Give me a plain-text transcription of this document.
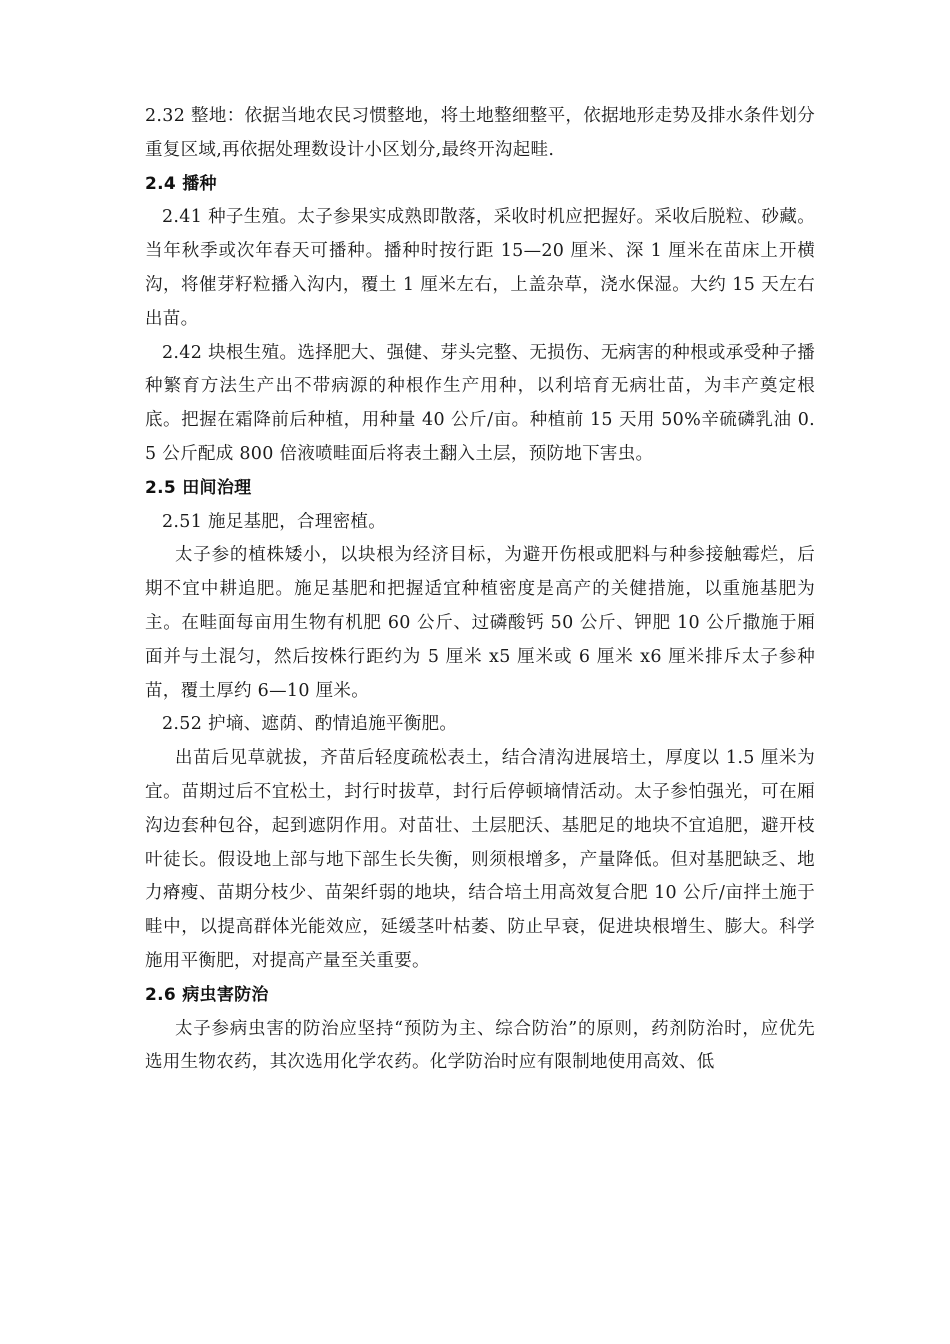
2.32 整地：依据当地农民习惯整地，将土地整细整平，依据地形走势及排水条件划分重复区域,再依据处理数设计小区划分,最终开沟起畦.

2.4 播种

2.41 种子生殖。太子参果实成熟即散落，采收时机应把握好。采收后脱粒、砂藏。当年秋季或次年春天可播种。播种时按行距 15—20 厘米、深 1 厘米在苗床上开横沟，将催芽籽粒播入沟内，覆土 1 厘米左右，上盖杂草，浇水保湿。大约 15 天左右出苗。

2.42 块根生殖。选择肥大、强健、芽头完整、无损伤、无病害的种根或承受种子播种繁育方法生产出不带病源的种根作生产用种，以利培育无病壮苗，为丰产奠定根底。把握在霜降前后种植，用种量 40 公斤/亩。种植前 15 天用 50%辛硫磷乳油 0.5 公斤配成 800 倍液喷畦面后将表土翻入土层，预防地下害虫。

2.5 田间治理

2.51 施足基肥，合理密植。

太子参的植株矮小，以块根为经济目标，为避开伤根或肥料与种参接触霉烂，后期不宜中耕追肥。施足基肥和把握适宜种植密度是高产的关健措施，以重施基肥为主。在畦面每亩用生物有机肥 60 公斤、过磷酸钙 50 公斤、钾肥 10 公斤撒施于厢面并与土混匀，然后按株行距约为 5 厘米 x5 厘米或 6 厘米 x6 厘米排斥太子参种苗，覆土厚约 6—10 厘米。

2.52 护墒、遮荫、酌情追施平衡肥。

出苗后见草就拔，齐苗后轻度疏松表土，结合清沟进展培土，厚度以 1.5 厘米为宜。苗期过后不宜松土，封行时拔草，封行后停顿墒情活动。太子参怕强光，可在厢沟边套种包谷，起到遮阴作用。对苗壮、土层肥沃、基肥足的地块不宜追肥，避开枝叶徒长。假设地上部与地下部生长失衡，则须根增多，产量降低。但对基肥缺乏、地力瘠瘦、苗期分枝少、苗架纤弱的地块，结合培土用高效复合肥 10 公斤/亩拌土施于畦中，以提高群体光能效应，延缓茎叶枯萎、防止早衰，促进块根增生、膨大。科学施用平衡肥，对提高产量至关重要。

2.6 病虫害防治

太子参病虫害的防治应坚持“预防为主、综合防治”的原则，药剂防治时，应优先选用生物农药，其次选用化学农药。化学防治时应有限制地使用高效、低
